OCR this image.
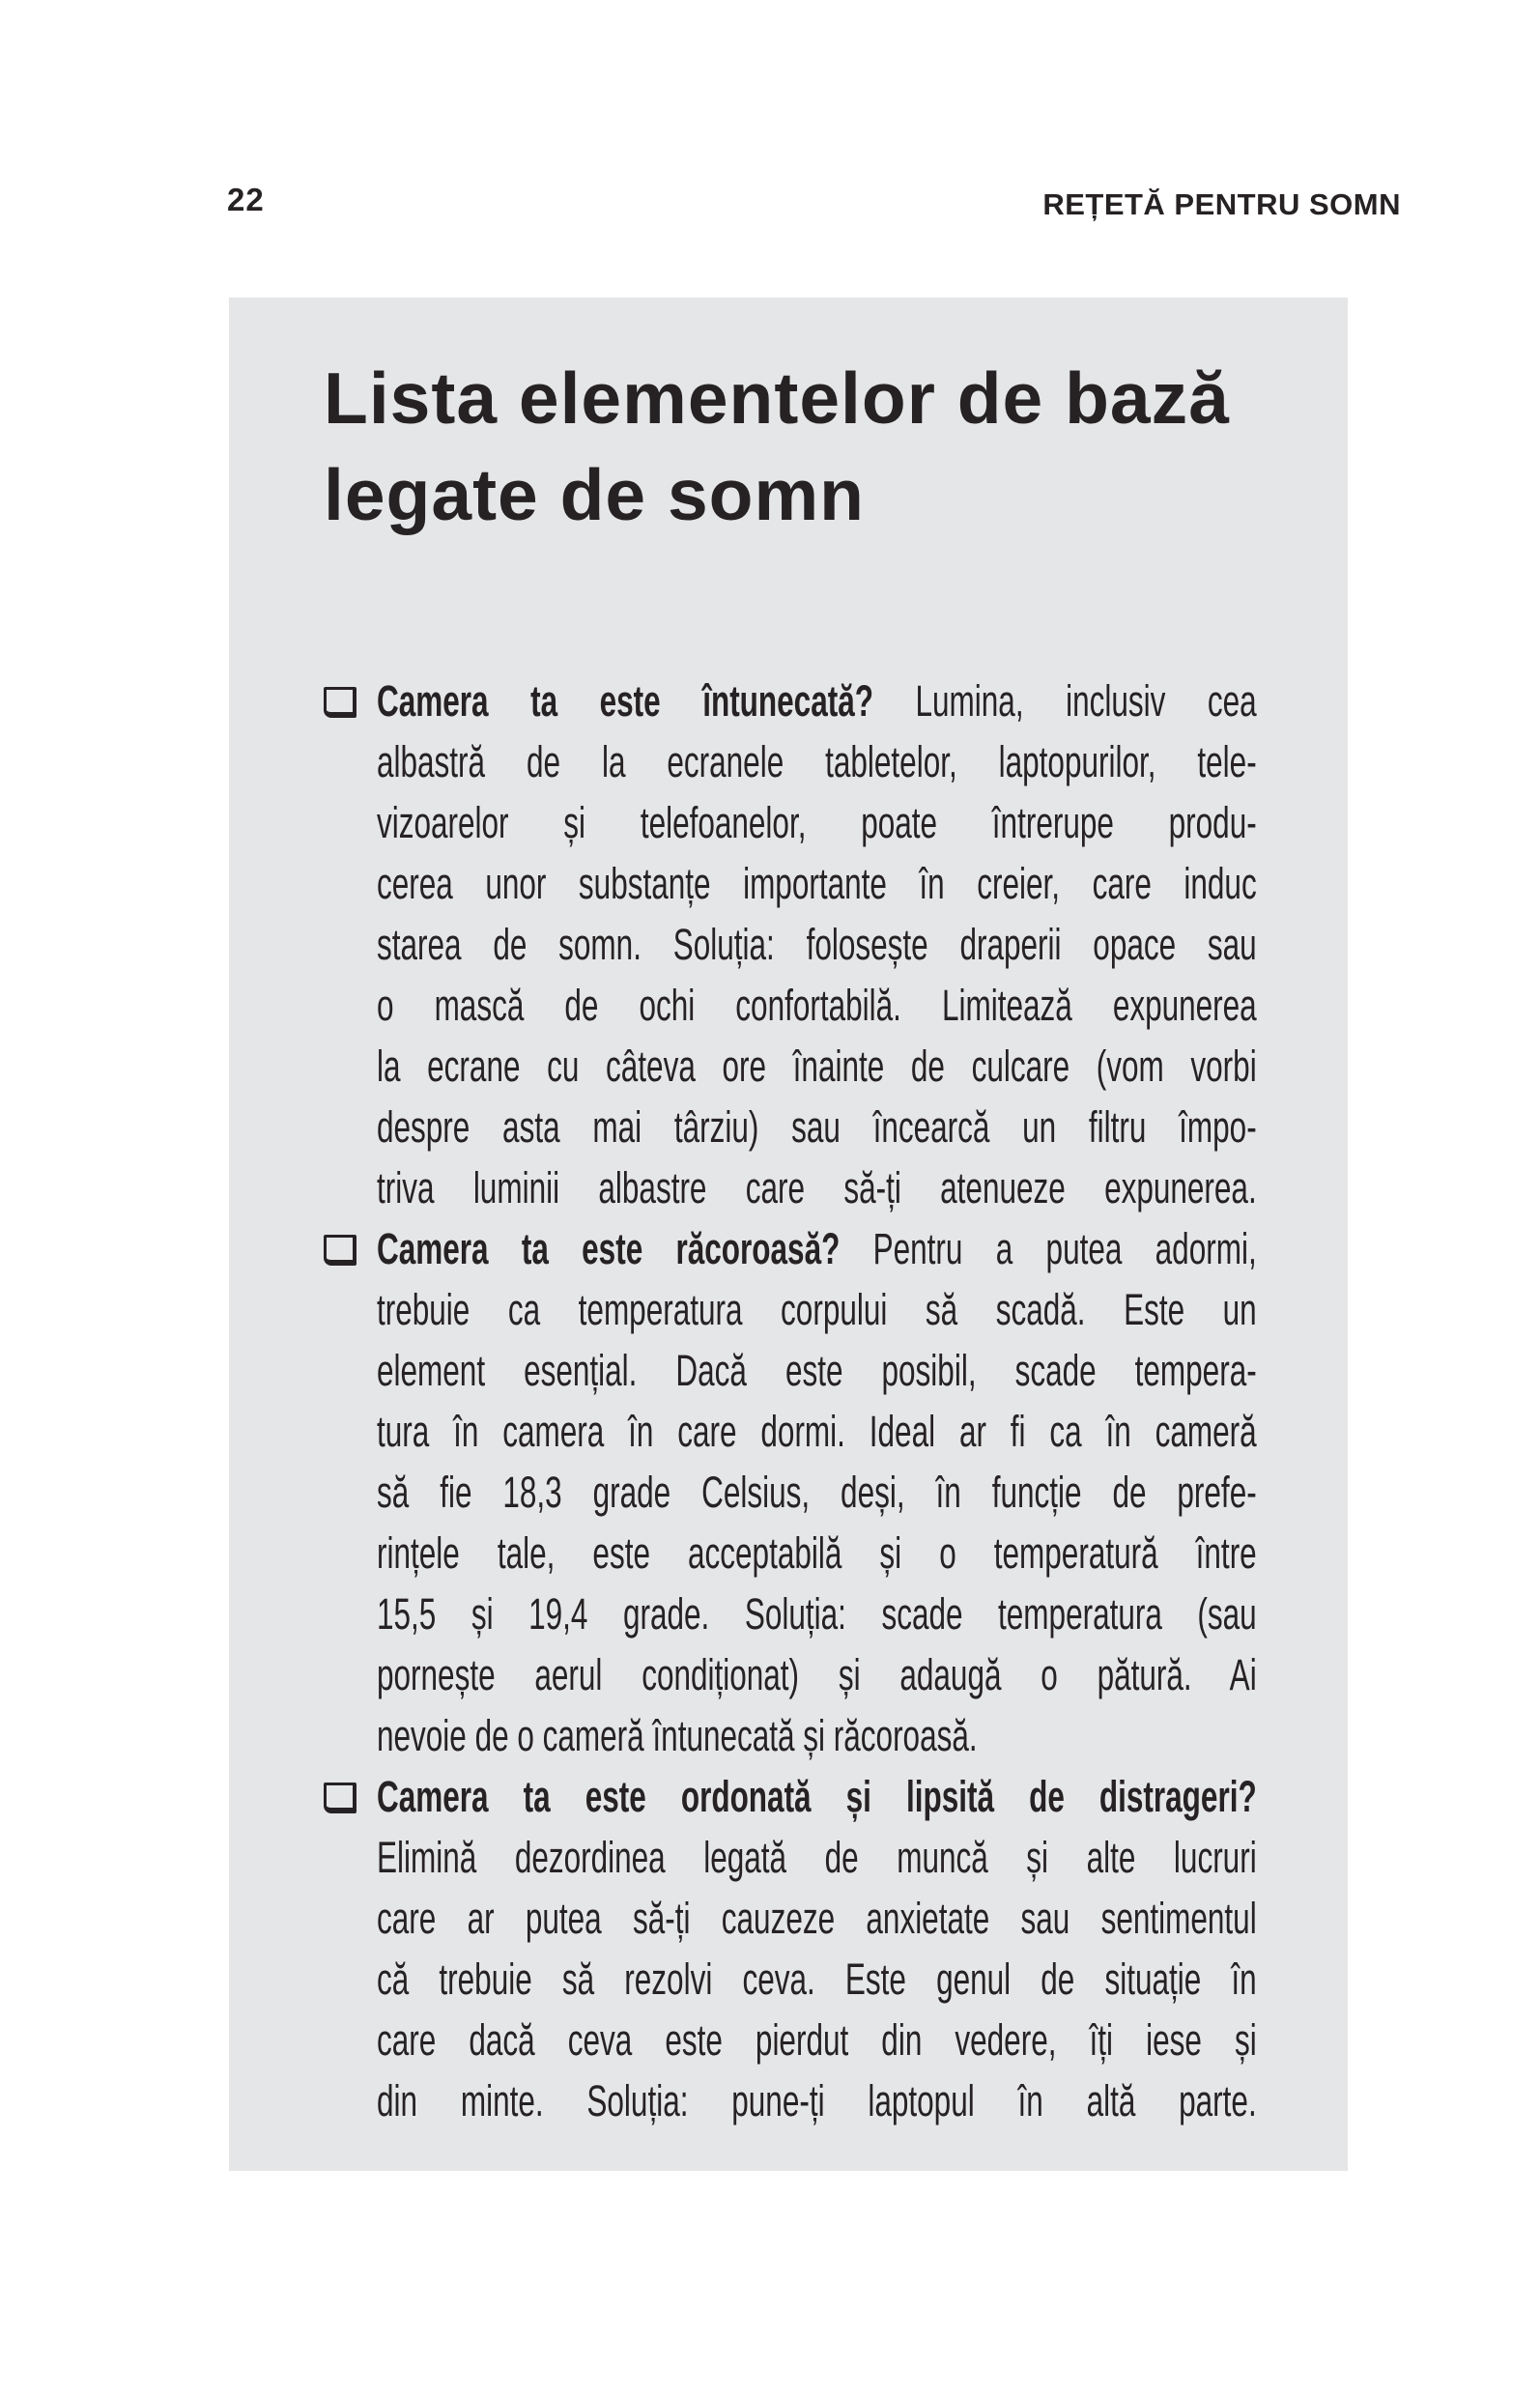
22	REȚETĂ PENTRU SOMN
Lista elementelor de bază
legate de somn
Camera ta este întunecată? Lumina, inclusiv cea
albastră de la ecranele tabletelor, laptopurilor, tele-
vizoarelor și telefoanelor, poate întrerupe produ-
cerea unor substanțe importante în creier, care induc
starea de somn. Soluția: folosește draperii opace sau
o mască de ochi confortabilă. Limitează expunerea
la ecrane cu câteva ore înainte de culcare (vom vorbi
despre asta mai târziu) sau încearcă un filtru împo-
triva luminii albastre care să-ți atenueze expunerea.
Camera ta este răcoroasă? Pentru a putea adormi,
trebuie ca temperatura corpului să scadă. Este un
element esențial. Dacă este posibil, scade tempera-
tura în camera în care dormi. Ideal ar fi ca în cameră
să fie 18,3 grade Celsius, deși, în funcție de prefe-
rințele tale, este acceptabilă și o temperatură între
15,5 și 19,4 grade. Soluția: scade temperatura (sau
pornește aerul condiționat) și adaugă o pătură. Ai
nevoie de o cameră întunecată și răcoroasă.
Camera ta este ordonată și lipsită de distrageri?
Elimină dezordinea legată de muncă și alte lucruri
care ar putea să-ți cauzeze anxietate sau sentimentul
că trebuie să rezolvi ceva. Este genul de situație în
care dacă ceva este pierdut din vedere, îți iese și
din minte. Soluția: pune-ți laptopul în altă parte.
